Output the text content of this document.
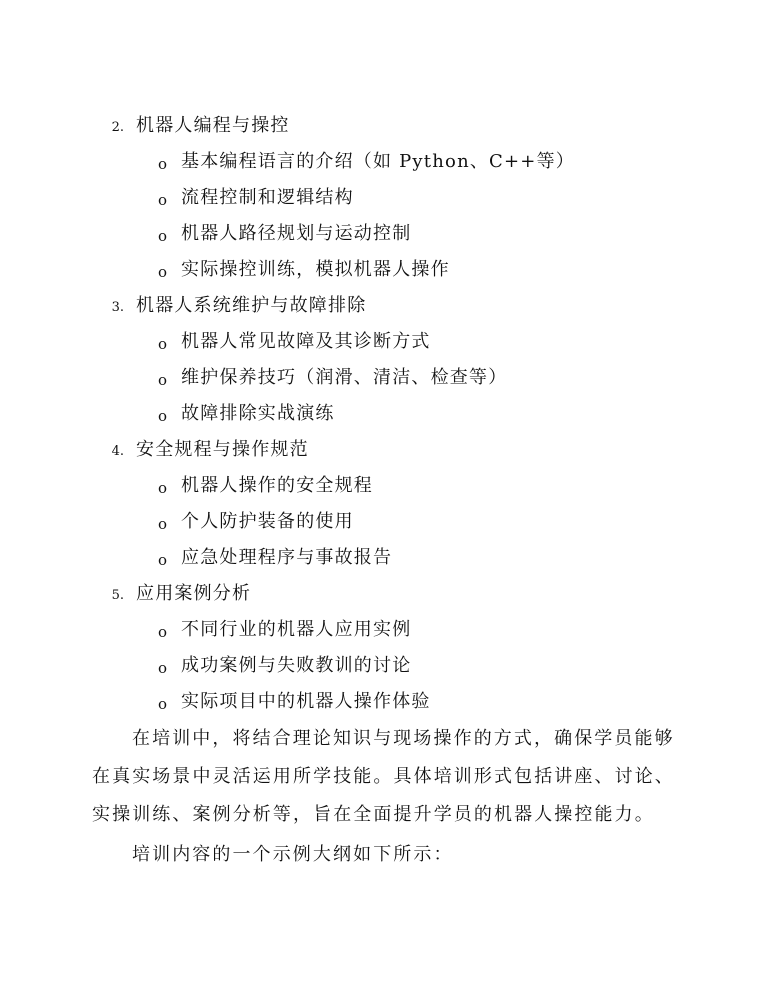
2. 机器人编程与操控
o 基本编程语言的介绍（如 Python、C++等）
o 流程控制和逻辑结构
o 机器人路径规划与运动控制
o 实际操控训练，模拟机器人操作
3. 机器人系统维护与故障排除
o 机器人常见故障及其诊断方式
o 维护保养技巧（润滑、清洁、检查等）
o 故障排除实战演练
4. 安全规程与操作规范
o 机器人操作的安全规程
o 个人防护装备的使用
o 应急处理程序与事故报告
5. 应用案例分析
o 不同行业的机器人应用实例
o 成功案例与失败教训的讨论
o 实际项目中的机器人操作体验
在培训中，将结合理论知识与现场操作的方式，确保学员能够
在真实场景中灵活运用所学技能。具体培训形式包括讲座、讨论、
实操训练、案例分析等，旨在全面提升学员的机器人操控能力。
培训内容的一个示例大纲如下所示：
